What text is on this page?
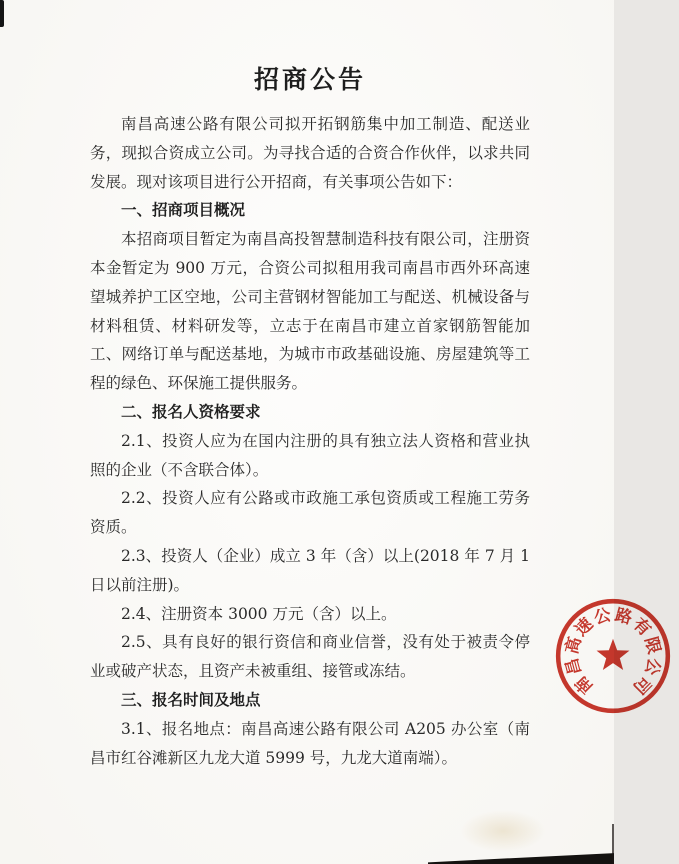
招商公告

南昌高速公路有限公司拟开拓钢筋集中加工制造、配送业务，现拟合资成立公司。为寻找合适的合资合作伙伴，以求共同发展。现对该项目进行公开招商，有关事项公告如下：

一、招商项目概况

本招商项目暂定为南昌高投智慧制造科技有限公司，注册资本金暂定为 900 万元，合资公司拟租用我司南昌市西外环高速望城养护工区空地，公司主营钢材智能加工与配送、机械设备与材料租赁、材料研发等，立志于在南昌市建立首家钢筋智能加工、网络订单与配送基地，为城市市政基础设施、房屋建筑等工程的绿色、环保施工提供服务。

二、报名人资格要求

2.1、投资人应为在国内注册的具有独立法人资格和营业执照的企业（不含联合体）。

2.2、投资人应有公路或市政施工承包资质或工程施工劳务资质。

2.3、投资人（企业）成立 3 年（含）以上(2018 年 7 月 1 日以前注册)。

2.4、注册资本 3000 万元（含）以上。

2.5、具有良好的银行资信和商业信誉，没有处于被责令停业或破产状态，且资产未被重组、接管或冻结。

三、报名时间及地点

3.1、报名地点：南昌高速公路有限公司 A205 办公室（南昌市红谷滩新区九龙大道 5999 号，九龙大道南端）。

南
昌
高
速
公 路
有
限
公
司
